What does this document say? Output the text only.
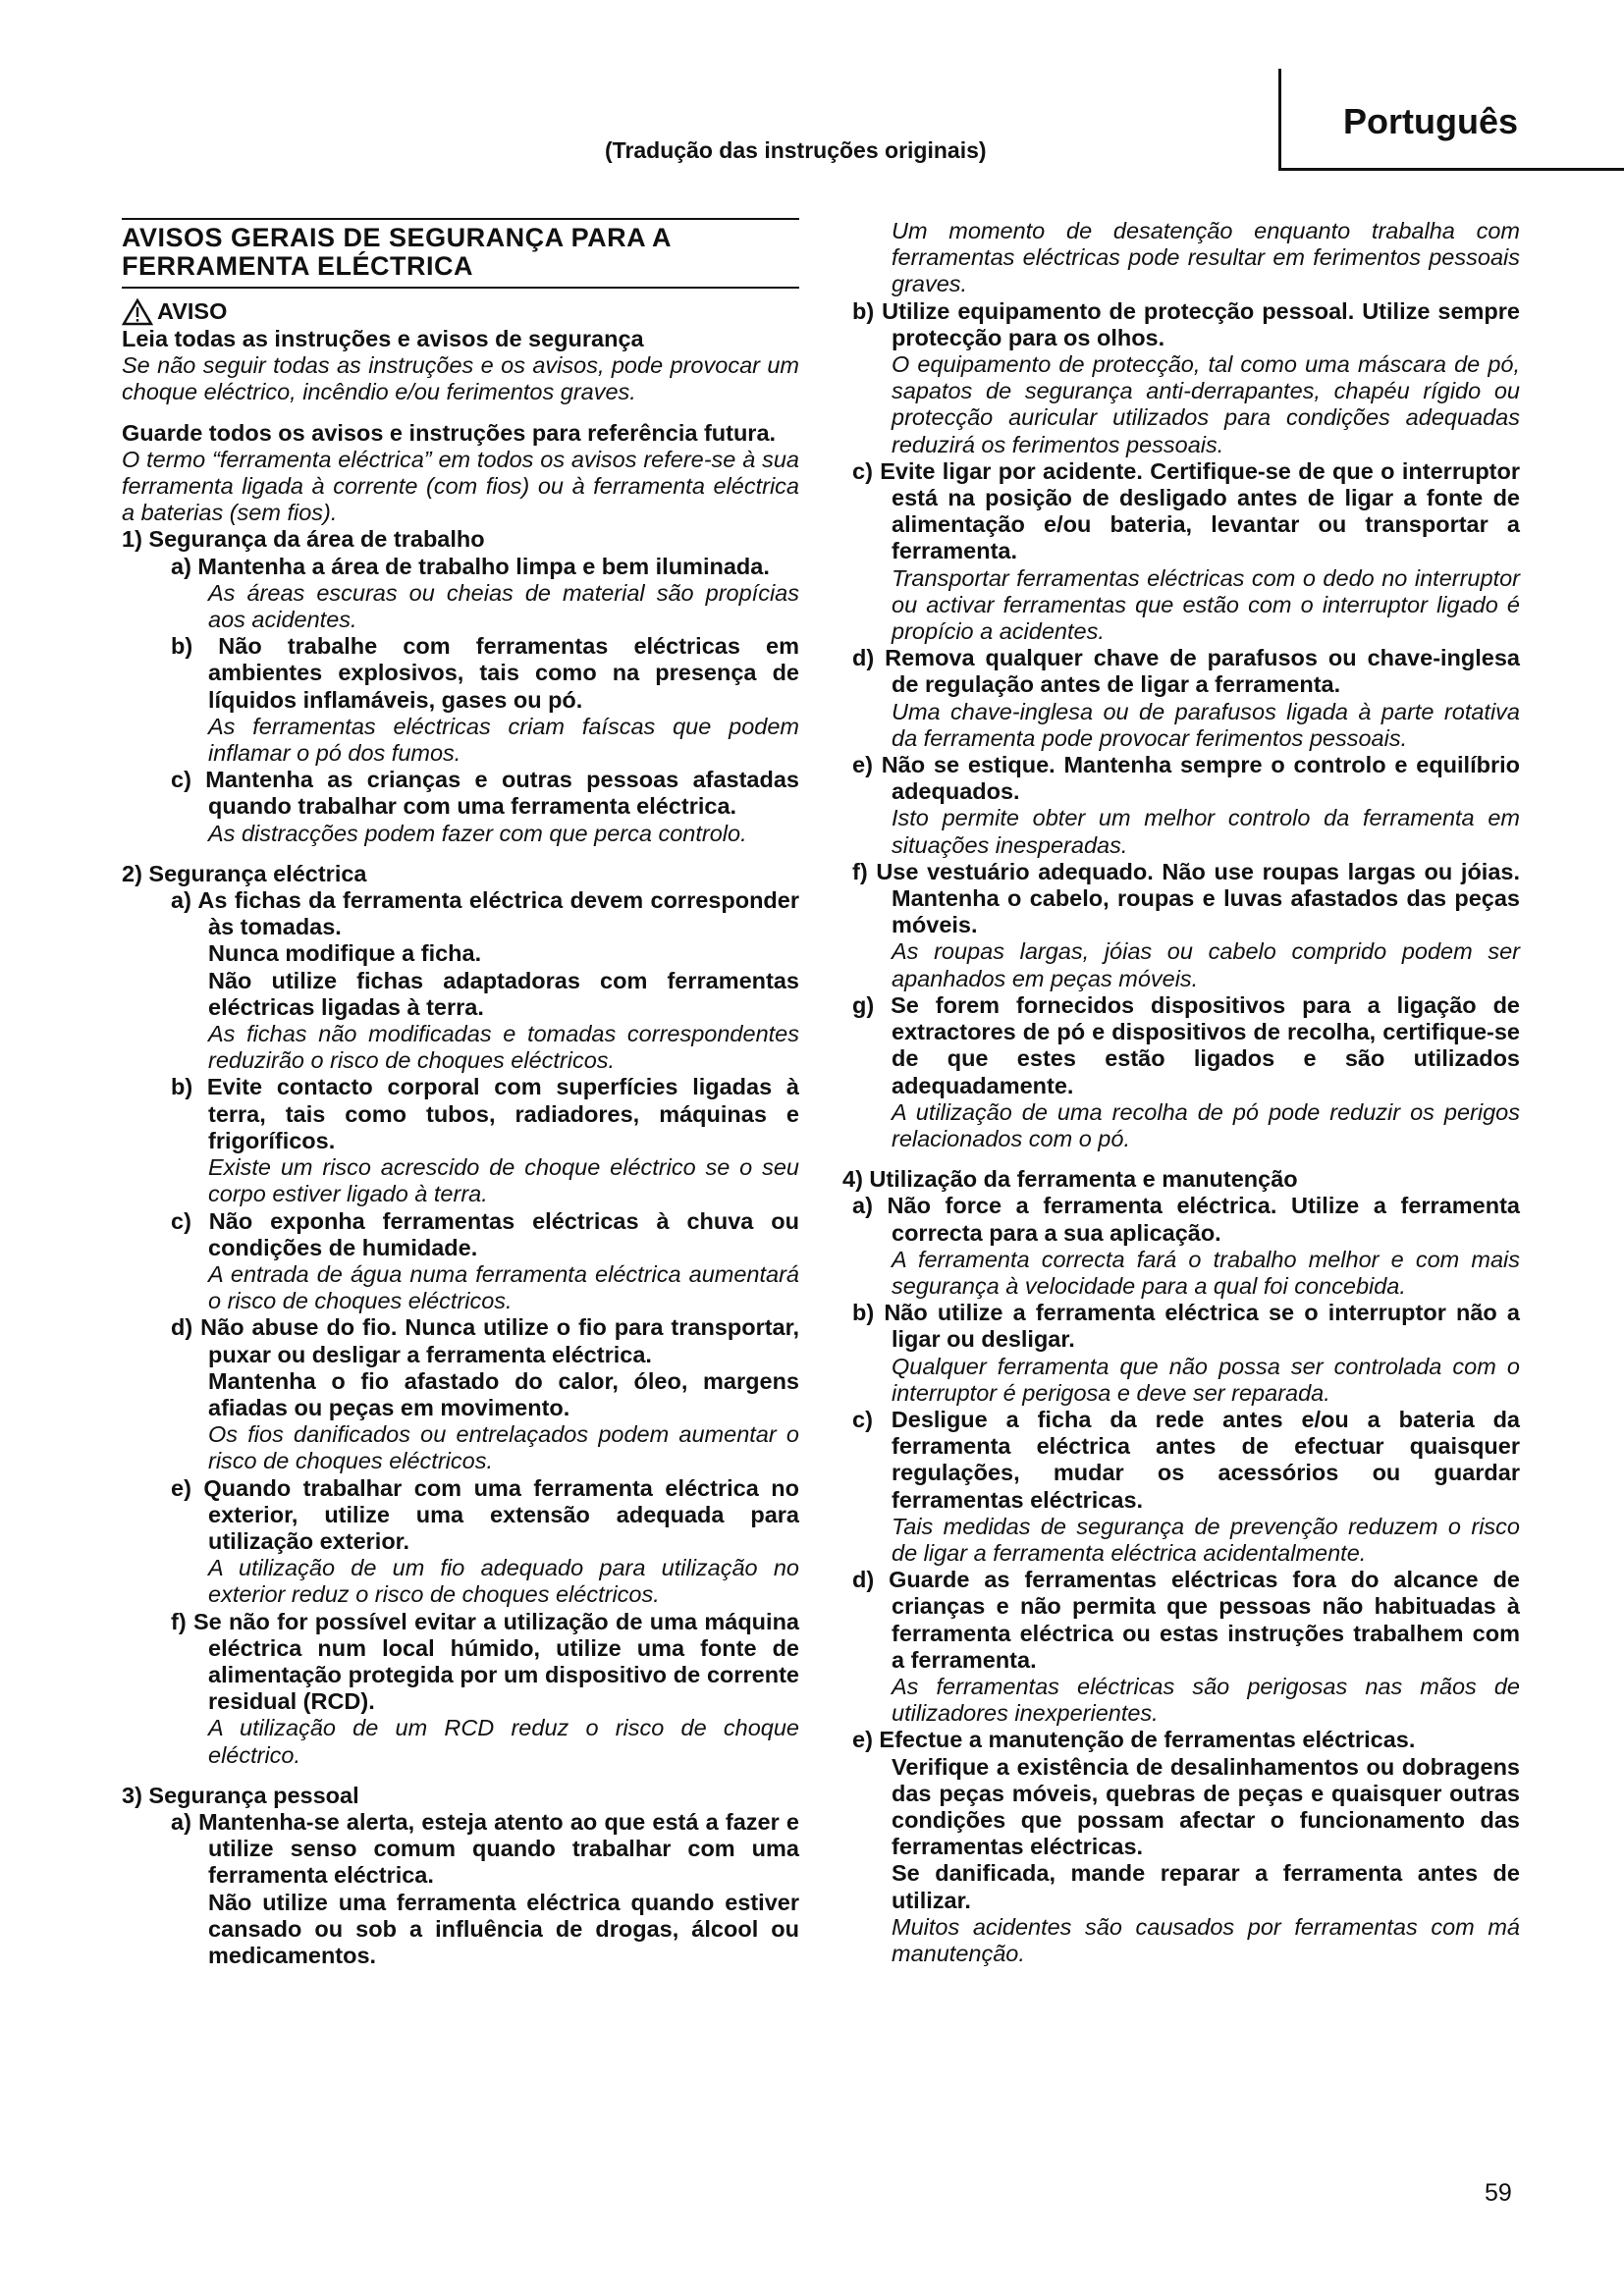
Português
(Tradução das instruções originais)
AVISOS GERAIS DE SEGURANÇA PARA A FERRAMENTA ELÉCTRICA
AVISO

Leia todas as instruções e avisos de segurança

Se não seguir todas as instruções e os avisos, pode provocar um choque eléctrico, incêndio e/ou ferimentos graves.

Guarde todos os avisos e instruções para referência futura.

O termo “ferramenta eléctrica” em todos os avisos refere-se à sua ferramenta ligada à corrente (com fios) ou à ferramenta eléctrica a baterias (sem fios).

1) Segurança da área de trabalho

a) Mantenha a área de trabalho limpa e bem iluminada.

As áreas escuras ou cheias de material são propícias aos acidentes.

b) Não trabalhe com ferramentas eléctricas em ambientes explosivos, tais como na presença de líquidos inflamáveis, gases ou pó.

As ferramentas eléctricas criam faíscas que podem inflamar o pó dos fumos.

c) Mantenha as crianças e outras pessoas afastadas quando trabalhar com uma ferramenta eléctrica.

As distracções podem fazer com que perca controlo.

2) Segurança eléctrica

a) As fichas da ferramenta eléctrica devem corresponder às tomadas.

Nunca modifique a ficha.

Não utilize fichas adaptadoras com ferramentas eléctricas ligadas à terra.

As fichas não modificadas e tomadas correspondentes reduzirão o risco de choques eléctricos.

b) Evite contacto corporal com superfícies ligadas à terra, tais como tubos, radiadores, máquinas e frigoríficos.

Existe um risco acrescido de choque eléctrico se o seu corpo estiver ligado à terra.

c) Não exponha ferramentas eléctricas à chuva ou condições de humidade.

A entrada de água numa ferramenta eléctrica aumentará o risco de choques eléctricos.

d) Não abuse do fio. Nunca utilize o fio para transportar, puxar ou desligar a ferramenta eléctrica.

Mantenha o fio afastado do calor, óleo, margens afiadas ou peças em movimento.

Os fios danificados ou entrelaçados podem aumentar o risco de choques eléctricos.

e) Quando trabalhar com uma ferramenta eléctrica no exterior, utilize uma extensão adequada para utilização exterior.

A utilização de um fio adequado para utilização no exterior reduz o risco de choques eléctricos.

f) Se não for possível evitar a utilização de uma máquina eléctrica num local húmido, utilize uma fonte de alimentação protegida por um dispositivo de corrente residual (RCD).

A utilização de um RCD reduz o risco de choque eléctrico.

3) Segurança pessoal

a) Mantenha-se alerta, esteja atento ao que está a fazer e utilize senso comum quando trabalhar com uma ferramenta eléctrica.

Não utilize uma ferramenta eléctrica quando estiver cansado ou sob a influência de drogas, álcool ou medicamentos.

Um momento de desatenção enquanto trabalha com ferramentas eléctricas pode resultar em ferimentos pessoais graves.

b) Utilize equipamento de protecção pessoal. Utilize sempre protecção para os olhos.

O equipamento de protecção, tal como uma máscara de pó, sapatos de segurança anti-derrapantes, chapéu rígido ou protecção auricular utilizados para condições adequadas reduzirá os ferimentos pessoais.

c) Evite ligar por acidente. Certifique-se de que o interruptor está na posição de desligado antes de ligar a fonte de alimentação e/ou bateria, levantar ou transportar a ferramenta.

Transportar ferramentas eléctricas com o dedo no interruptor ou activar ferramentas que estão com o interruptor ligado é propício a acidentes.

d) Remova qualquer chave de parafusos ou chave-inglesa de regulação antes de ligar a ferramenta.

Uma chave-inglesa ou de parafusos ligada à parte rotativa da ferramenta pode provocar ferimentos pessoais.

e) Não se estique. Mantenha sempre o controlo e equilíbrio adequados.

Isto permite obter um melhor controlo da ferramenta em situações inesperadas.

f) Use vestuário adequado. Não use roupas largas ou jóias. Mantenha o cabelo, roupas e luvas afastados das peças móveis.

As roupas largas, jóias ou cabelo comprido podem ser apanhados em peças móveis.

g) Se forem fornecidos dispositivos para a ligação de extractores de pó e dispositivos de recolha, certifique-se de que estes estão ligados e são utilizados adequadamente.

A utilização de uma recolha de pó pode reduzir os perigos relacionados com o pó.

4) Utilização da ferramenta e manutenção

a) Não force a ferramenta eléctrica. Utilize a ferramenta correcta para a sua aplicação.

A ferramenta correcta fará o trabalho melhor e com mais segurança à velocidade para a qual foi concebida.

b) Não utilize a ferramenta eléctrica se o interruptor não a ligar ou desligar.

Qualquer ferramenta que não possa ser controlada com o interruptor é perigosa e deve ser reparada.

c) Desligue a ficha da rede antes e/ou a bateria da ferramenta eléctrica antes de efectuar quaisquer regulações, mudar os acessórios ou guardar ferramentas eléctricas.

Tais medidas de segurança de prevenção reduzem o risco de ligar a ferramenta eléctrica acidentalmente.

d) Guarde as ferramentas eléctricas fora do alcance de crianças e não permita que pessoas não habituadas à ferramenta eléctrica ou estas instruções trabalhem com a ferramenta.

As ferramentas eléctricas são perigosas nas mãos de utilizadores inexperientes.

e) Efectue a manutenção de ferramentas eléctricas.

Verifique a existência de desalinhamentos ou dobragens das peças móveis, quebras de peças e quaisquer outras condições que possam afectar o funcionamento das ferramentas eléctricas.

Se danificada, mande reparar a ferramenta antes de utilizar.

Muitos acidentes são causados por ferramentas com má manutenção.

59
